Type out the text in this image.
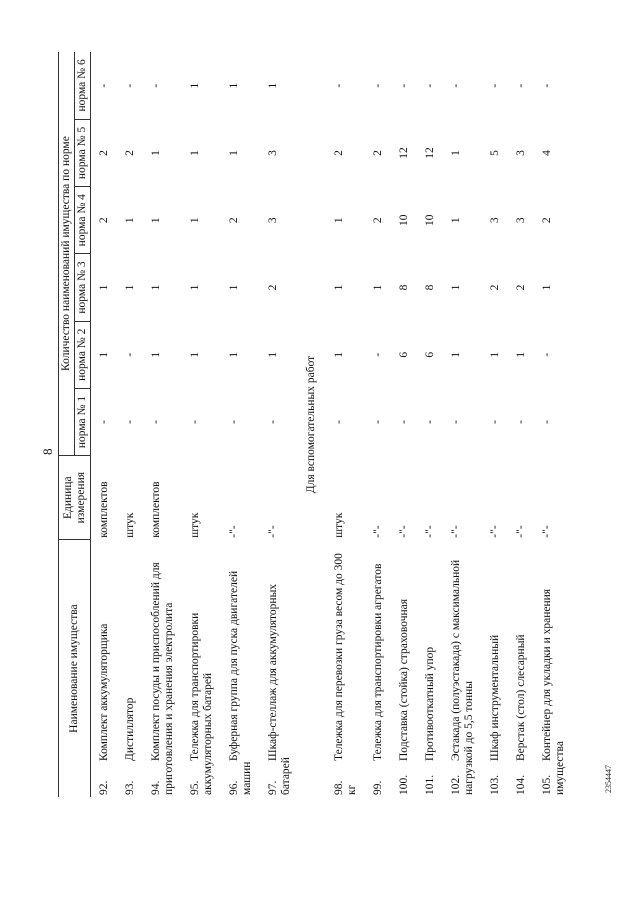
8
Наименование имущества	Единица измерения	Количество наименований имущества по норме					
		норма № 1	норма № 2	норма № 3	норма № 4	норма № 5	норма № 6
92.Комплект аккумуляторщика	комплектов	-	1	1	2	2	-
93.Дистиллятор	штук	-	-	1	1	2	-
94.Комплект посуды и приспособлений для приготовления и хранения электролита	комплектов	-	1	1	1	1	-
95.Тележка для транспортировки аккумуляторных батарей	штук	-	1	1	1	1	1
96.Буферная группа для пуска двигателей машин	-"-	-	1	1	2	1	1
97.Шкаф-стеллаж для аккумуляторных батарей	-"-	-	1	2	3	3	1
Для вспомогательных работ							
98.Тележка для перевозки груза весом до 300 кг	штук	-	1	1	1	2	-
99.Тележка для транспортировки агрегатов	-"-	-	-	1	2	2	-
100.Подставка (стойка) страховочная	-"-	-	6	8	10	12	-
101.Противооткатный упор	-"-	-	6	8	10	12	-
102.Эстакада (полуэстакада) с максимальной нагрузкой до 5,5 тонны	-"-	-	1	1	1	1	-
103.Шкаф инструментальный	-"-	-	1	2	3	5	-
104.Верстак (стол) слесарный	-"-	-	1	2	3	3	-
105.Контейнер для укладки и хранения имущества	-"-	-	-	1	2	4	-
2354447
